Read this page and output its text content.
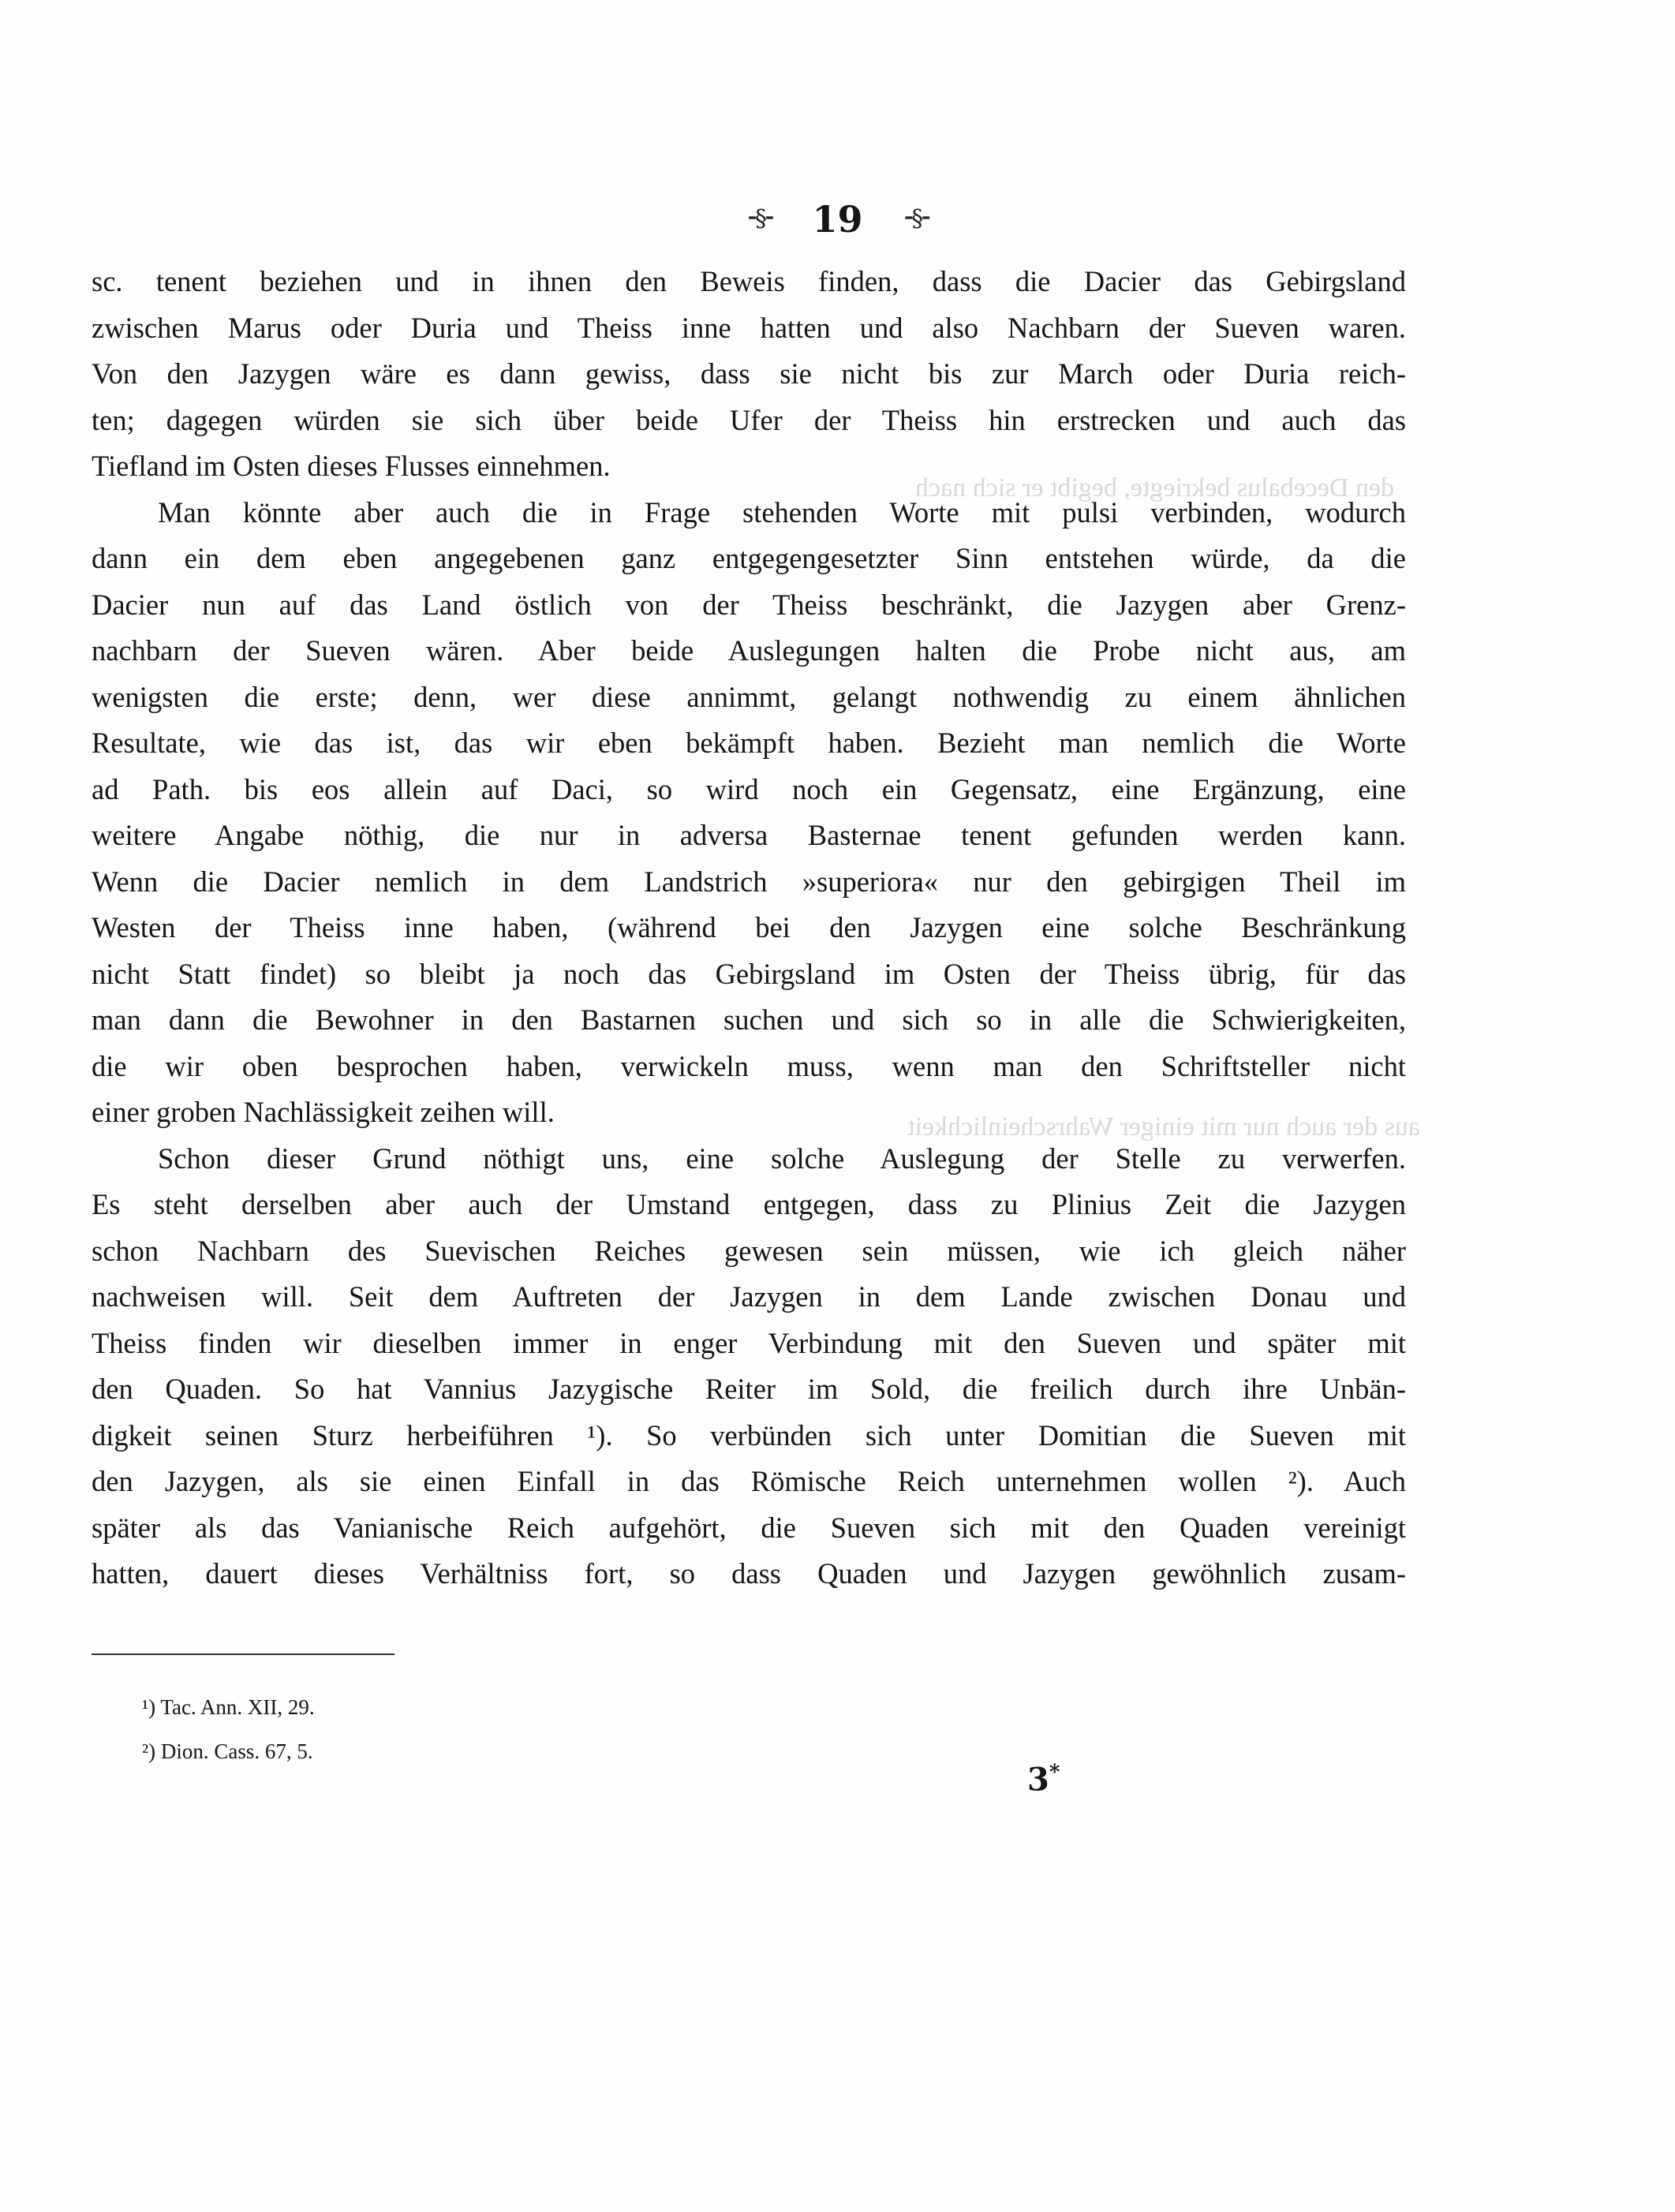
den Decebalus bekriegte, begibt er sich nach
aus der auch nur mit einiger Wahrscheinlichkeit
⁃§⁃ 19 ⁃§⁃
sc. tenent beziehen und in ihnen den Beweis finden, dass die Dacier das Gebirgsland
zwischen Marus oder Duria und Theiss inne hatten und also Nachbarn der Sueven waren.
Von den Jazygen wäre es dann gewiss, dass sie nicht bis zur March oder Duria reich-
ten; dagegen würden sie sich über beide Ufer der Theiss hin erstrecken und auch das
Tiefland im Osten dieses Flusses einnehmen.
Man könnte aber auch die in Frage stehenden Worte mit pulsi verbinden, wodurch
dann ein dem eben angegebenen ganz entgegengesetzter Sinn entstehen würde, da die
Dacier nun auf das Land östlich von der Theiss beschränkt, die Jazygen aber Grenz-
nachbarn der Sueven wären. Aber beide Auslegungen halten die Probe nicht aus, am
wenigsten die erste; denn, wer diese annimmt, gelangt nothwendig zu einem ähnlichen
Resultate, wie das ist, das wir eben bekämpft haben. Bezieht man nemlich die Worte
ad Path. bis eos allein auf Daci, so wird noch ein Gegensatz, eine Ergänzung, eine
weitere Angabe nöthig, die nur in adversa Basternae tenent gefunden werden kann.
Wenn die Dacier nemlich in dem Landstrich »superiora« nur den gebirgigen Theil im
Westen der Theiss inne haben, (während bei den Jazygen eine solche Beschränkung
nicht Statt findet) so bleibt ja noch das Gebirgsland im Osten der Theiss übrig, für das
man dann die Bewohner in den Bastarnen suchen und sich so in alle die Schwierigkeiten,
die wir oben besprochen haben, verwickeln muss, wenn man den Schriftsteller nicht
einer groben Nachlässigkeit zeihen will.
Schon dieser Grund nöthigt uns, eine solche Auslegung der Stelle zu verwerfen.
Es steht derselben aber auch der Umstand entgegen, dass zu Plinius Zeit die Jazygen
schon Nachbarn des Suevischen Reiches gewesen sein müssen, wie ich gleich näher
nachweisen will. Seit dem Auftreten der Jazygen in dem Lande zwischen Donau und
Theiss finden wir dieselben immer in enger Verbindung mit den Sueven und später mit
den Quaden. So hat Vannius Jazygische Reiter im Sold, die freilich durch ihre Unbän-
digkeit seinen Sturz herbeiführen ¹). So verbünden sich unter Domitian die Sueven mit
den Jazygen, als sie einen Einfall in das Römische Reich unternehmen wollen ²). Auch
später als das Vanianische Reich aufgehört, die Sueven sich mit den Quaden vereinigt
hatten, dauert dieses Verhältniss fort, so dass Quaden und Jazygen gewöhnlich zusam-
¹) Tac. Ann. XII, 29.
²) Dion. Cass. 67, 5.
3*
